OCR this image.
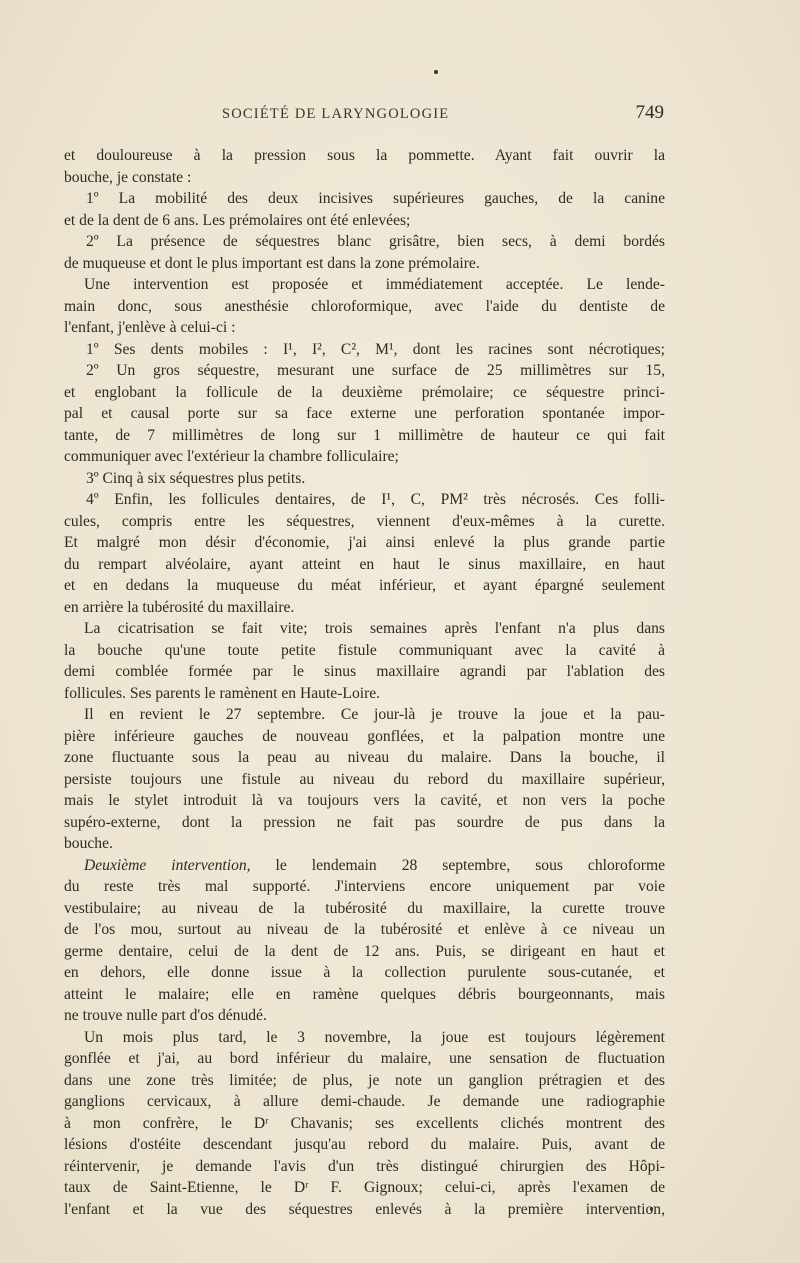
SOCIÉTÉ DE LARYNGOLOGIE	749
et douloureuse à la pression sous la pommette. Ayant fait ouvrir la
bouche, je constate :
1º La mobilité des deux incisives supérieures gauches, de la canine
et de la dent de 6 ans. Les prémolaires ont été enlevées;
2º La présence de séquestres blanc grisâtre, bien secs, à demi bordés
de muqueuse et dont le plus important est dans la zone prémolaire.
Une intervention est proposée et immédiatement acceptée. Le lende-
main donc, sous anesthésie chloroformique, avec l'aide du dentiste de
l'enfant, j'enlève à celui-ci :
1º Ses dents mobiles : I¹, I², C², M¹, dont les racines sont nécrotiques;
2º Un gros séquestre, mesurant une surface de 25 millimètres sur 15,
et englobant la follicule de la deuxième prémolaire; ce séquestre princi-
pal et causal porte sur sa face externe une perforation spontanée impor-
tante, de 7 millimètres de long sur 1 millimètre de hauteur ce qui fait
communiquer avec l'extérieur la chambre folliculaire;
3º Cinq à six séquestres plus petits.
4º Enfin, les follicules dentaires, de I¹, C, PM² très nécrosés. Ces folli-
cules, compris entre les séquestres, viennent d'eux-mêmes à la curette.
Et malgré mon désir d'économie, j'ai ainsi enlevé la plus grande partie
du rempart alvéolaire, ayant atteint en haut le sinus maxillaire, en haut
et en dedans la muqueuse du méat inférieur, et ayant épargné seulement
en arrière la tubérosité du maxillaire.
La cicatrisation se fait vite; trois semaines après l'enfant n'a plus dans
la bouche qu'une toute petite fistule communiquant avec la cavité à
demi comblée formée par le sinus maxillaire agrandi par l'ablation des
follicules. Ses parents le ramènent en Haute-Loire.
Il en revient le 27 septembre. Ce jour-là je trouve la joue et la pau-
pière inférieure gauches de nouveau gonflées, et la palpation montre une
zone fluctuante sous la peau au niveau du malaire. Dans la bouche, il
persiste toujours une fistule au niveau du rebord du maxillaire supérieur,
mais le stylet introduit là va toujours vers la cavité, et non vers la poche
supéro-externe, dont la pression ne fait pas sourdre de pus dans la
bouche.
Deuxième intervention, le lendemain 28 septembre, sous chloroforme
du reste très mal supporté. J'interviens encore uniquement par voie
vestibulaire; au niveau de la tubérosité du maxillaire, la curette trouve
de l'os mou, surtout au niveau de la tubérosité et enlève à ce niveau un
germe dentaire, celui de la dent de 12 ans. Puis, se dirigeant en haut et
en dehors, elle donne issue à la collection purulente sous-cutanée, et
atteint le malaire; elle en ramène quelques débris bourgeonnants, mais
ne trouve nulle part d'os dénudé.
Un mois plus tard, le 3 novembre, la joue est toujours légèrement
gonflée et j'ai, au bord inférieur du malaire, une sensation de fluctuation
dans une zone très limitée; de plus, je note un ganglion prétragien et des
ganglions cervicaux, à allure demi-chaude. Je demande une radiographie
à mon confrère, le Dʳ Chavanis; ses excellents clichés montrent des
lésions d'ostéite descendant jusqu'au rebord du malaire. Puis, avant de
réintervenir, je demande l'avis d'un très distingué chirurgien des Hôpi-
taux de Saint-Etienne, le Dʳ F. Gignoux; celui-ci, après l'examen de
l'enfant et la vue des séquestres enlevés à la première intervention,
